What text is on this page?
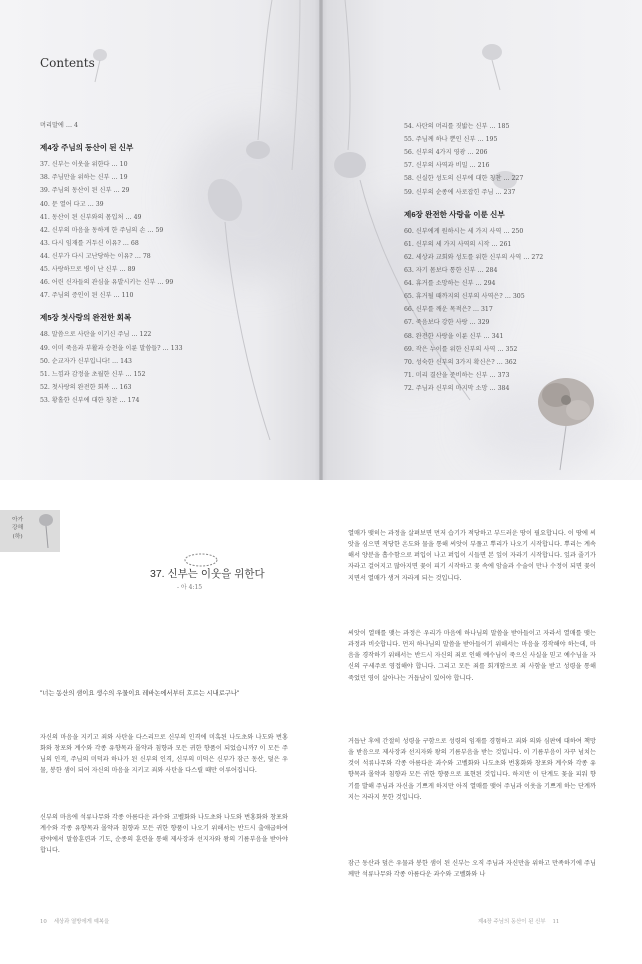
Contents
머리말에 … 4
제4장 주님의 동산이 된 신부
37. 신부는 이웃을 위한다 … 10
38. 주님만을 위하는 신부 … 19
39. 주님의 동산이 된 신부 … 29
40. 문 열어 다고 … 39
41. 동산이 된 신부와의 몸입처 … 49
42. 신부의 마음을 동하게 한 주님의 손 … 59
43. 다시 임재를 거두신 이유? … 68
44. 신부가 다시 고난당하는 이유? … 78
45. 사랑하므로 병이 난 신부 … 89
46. 어린 신자들의 관심을 유발시키는 신부 … 99
47. 주님의 증인이 된 신부 … 110
제5장 첫사랑의 완전한 회복
48. 말씀으로 사탄을 이기신 주님 … 122
49. 이미 죽음과 부활과 승천을 이룬 말씀들? … 133
50. 순교자가 신부입니다! … 143
51. 느낌과 감정을 초월한 신부 … 152
52. 첫사랑의 완전한 회복 … 163
53. 황홀한 신부에 대한 칭찬 … 174
54. 사탄의 머리를 짓밟는 신부 … 185
55. 주님께 하나 뿐인 신부 … 195
56. 신부의 4가지 영광 … 206
57. 신부의 사역과 비밀 … 216
58. 신실한 성도의 신부에 대한 칭찬 … 227
59. 신부의 순종에 사로잡힌 주님 … 237
제6장 완전한 사랑을 이룬 신부
60. 신부에게 원하시는 세 가지 사역 … 250
61. 신부의 세 가지 사역의 시작 … 261
62. 세상과 교회와 성도를 위한 신부의 사역 … 272
63. 자기 몸보다 통한 신부 … 284
64. 휴거를 소망하는 신부 … 294
65. 휴거될 때까지의 신부의 사역은? … 305
66. 신부를 깨운 목적은? … 317
67. 죽음보다 강한 사랑 … 329
68. 완전한 사랑을 이룬 신부 … 341
69. 작은 누이를 위한 신부의 사역 … 352
70. 성숙한 신부의 3가지 확신은? … 362
71. 미리 결산을 준비하는 신부 … 373
72. 주님과 신부의 마지막 소망 … 384
아가
강해
(하)
37. 신부는 이웃을 위한다
- 아 4:15
"너는 동산의 샘이요 생수의 우물이요 레바논에서부터 흐르는 시내로구나"
자신의 마음을 지키고 죄와 사탄을 다스리므로 신부의 인격에 미혹된 나도초와 나도와 번홍화와 창포와 계수와 각종 유향목과 몰약과 침향과 모든 귀한 향품이 되었습니까? 이 모든 주님의 인격, 주님의 미덕과 하나가 된 신부의 인격, 신부의 미덕은 신부가 잠근 동산, 덮은 우물, 봉한 샘이 되어 자신의 마음을 지키고 죄와 사탄을 다스릴 때만 이루어집니다.
신부의 마음에 석류나무와 각종 아름다운 과수와 고벨화와 나도초와 나도와 번홍화와 창포와 계수와 각종 유향목과 몰약과 침향과 모든 귀한 향품이 나오기 위해서는 반드시 출애굽하여 광야에서 말씀훈련과 기도, 순종의 훈련을 통해 제사장과 선지자와 왕의 기름부음을 받아야 합니다.
열매가 맺히는 과정을 살펴보면 먼저 습기가 적당하고 부드러운 땅이 필요합니다. 이 땅에 씨앗을 심으면 적당한 온도와 물을 통해 씨앗이 부풀고 뿌리가 나오기 시작합니다. 뿌리는 계속해서 양분을 흡수함으로 퍼입이 나고 퍼입이 시들면 본 잎이 자라기 시작합니다. 잎과 줄기가 자라고 걸어지고 많아지면 꽃이 피기 시작하고 꽃 속에 암술과 수술이 만나 수정이 되면 꽃이 지면서 열매가 생겨 자라게 되는 것입니다.
씨앗이 열매를 맺는 과정은 우리가 마음에 하나님의 말씀을 받아들이고 자라서 열매를 맺는 과정과 비슷합니다. 먼저 하나님의 말씀을 받아들이기 위해서는 마음을 경작해야 하는데, 마음을 경작하기 위해서는 반드시 자신의 죄로 인해 예수님이 죽으신 사실을 믿고 예수님을 자신의 구세주로 영접해야 합니다. 그리고 모든 죄를 회개함으로 죄 사함을 받고 성령을 통해 죽었던 영이 살아나는 거듭남이 있어야 합니다.
거듭난 후에 간절히 성령을 구함으로 성령의 임재를 경험하고 죄와 의와 심판에 대하여 책망을 받음으로 제사장과 선지자와 왕의 기름부음을 받는 것입니다. 이 기름부음이 자꾸 넘치는 것이 석류나무와 각종 아름다운 과수와 고벨화와 나도초와 번홍화와 창포와 계수와 각종 유향목과 몰약과 침향과 모든 귀한 향품으로 표현된 것입니다. 하지만 이 단계도 꽃을 피워 향기를 발해 주님과 자신을 기쁘게 하지만 아직 열매를 맺어 주님과 이웃을 기쁘게 하는 단계까지는 자라지 못한 것입니다.
잠근 동산과 덮은 우물과 봉한 샘이 된 신부는 오직 주님과 자신만을 위하고 만족하기에 주님께만 석류나무와 각종 아름다운 과수와 고벨화와 나
10 세상과 열방에게 예복을	제4장 주님의 동산이 된 신부 11
